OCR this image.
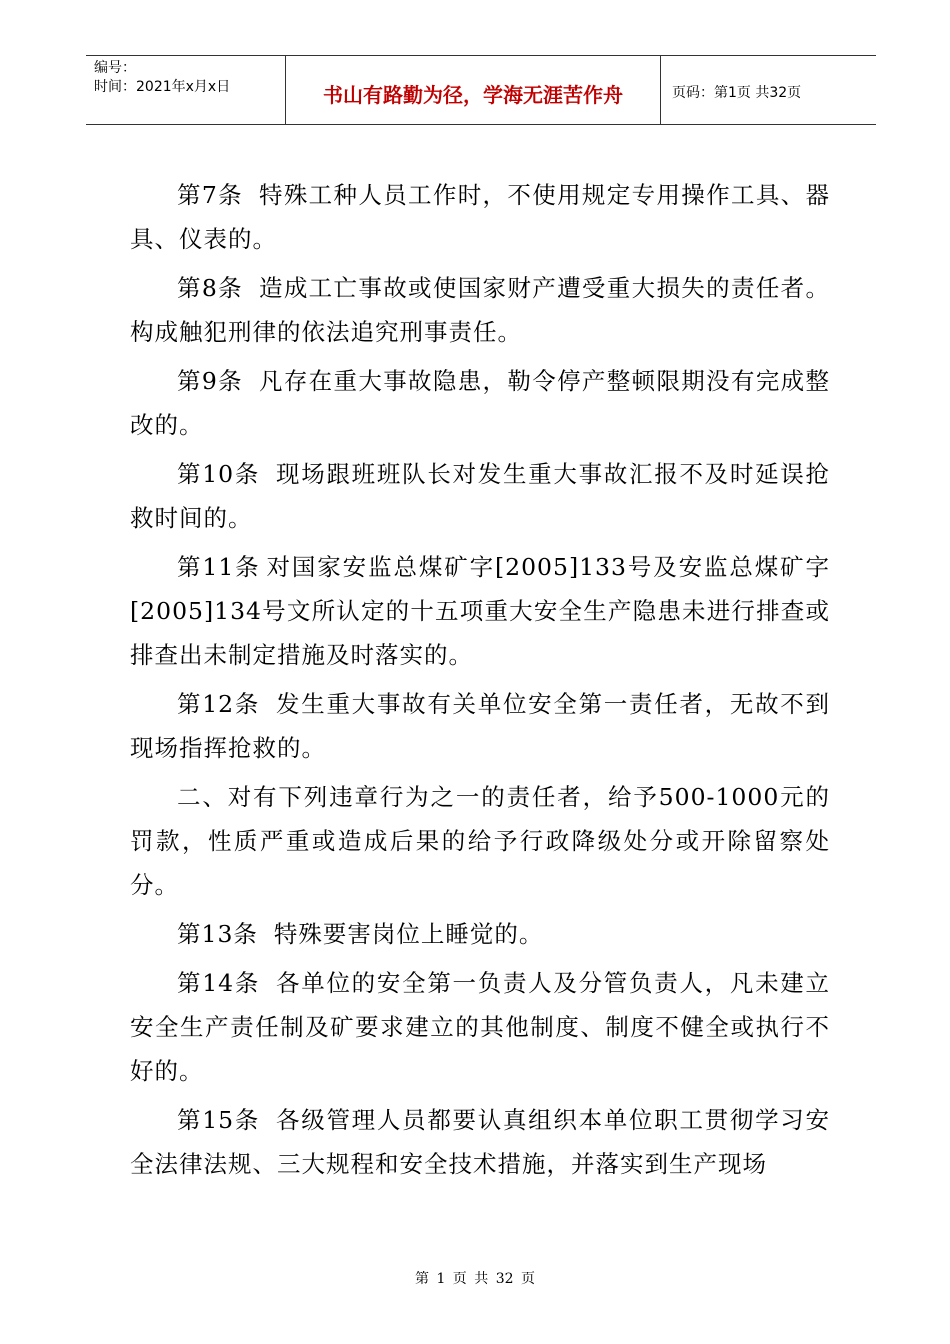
编号：
时间：2021年x月x日	书山有路勤为径，学海无涯苦作舟	页码：第1页 共32页

第7条 特殊工种人员工作时，不使用规定专用操作工具、器具、仪表的。

第8条 造成工亡事故或使国家财产遭受重大损失的责任者。构成触犯刑律的依法追究刑事责任。

第9条 凡存在重大事故隐患，勒令停产整顿限期没有完成整改的。

第10条 现场跟班班队长对发生重大事故汇报不及时延误抢救时间的。

第11条 对国家安监总煤矿字[2005]133号及安监总煤矿字[2005]134号文所认定的十五项重大安全生产隐患未进行排查或排查出未制定措施及时落实的。

第12条 发生重大事故有关单位安全第一责任者，无故不到现场指挥抢救的。

二、对有下列违章行为之一的责任者，给予500-1000元的罚款，性质严重或造成后果的给予行政降级处分或开除留察处分。

第13条 特殊要害岗位上睡觉的。

第14条 各单位的安全第一负责人及分管负责人，凡未建立安全生产责任制及矿要求建立的其他制度、制度不健全或执行不好的。

第15条 各级管理人员都要认真组织本单位职工贯彻学习安全法律法规、三大规程和安全技术措施，并落实到生产现场

第 1 页 共 32 页
